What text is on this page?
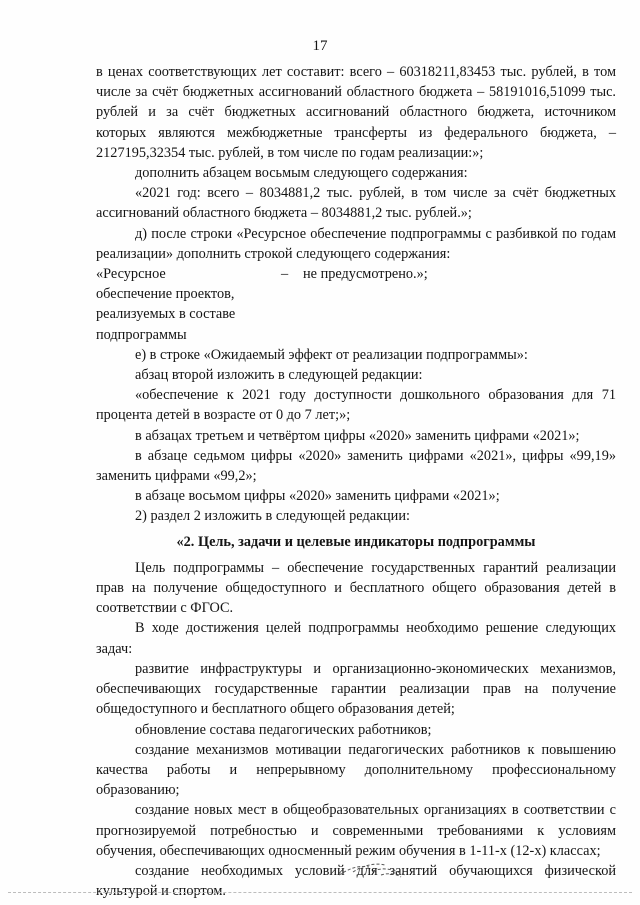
17

в ценах соответствующих лет составит: всего – 60318211,83453 тыс. рублей, в том числе за счёт бюджетных ассигнований областного бюджета – 58191016,51099 тыс. рублей и за счёт бюджетных ассигнований областного бюджета, источником которых являются межбюджетные трансферты из федерального бюджета, – 2127195,32354 тыс. рублей, в том числе по годам реализации:»;

дополнить абзацем восьмым следующего содержания:

«2021 год: всего – 8034881,2 тыс. рублей, в том числе за счёт бюджетных ассигнований областного бюджета – 8034881,2 тыс. рублей.»;

д) после строки «Ресурсное обеспечение подпрограммы с разбивкой по годам реализации» дополнить строкой следующего содержания:

«Ресурсное

обеспечение проектов,

реализуемых в составе

подпрограммы

–	не предусмотрено.»;

е) в строке «Ожидаемый эффект от реализации подпрограммы»:

абзац второй изложить в следующей редакции:

«обеспечение к 2021 году доступности дошкольного образования для 71 процента детей в возрасте от 0 до 7 лет;»;

в абзацах третьем и четвёртом цифры «2020» заменить цифрами «2021»;

в абзаце седьмом цифры «2020» заменить цифрами «2021», цифры «99,19» заменить цифрами «99,2»;

в абзаце восьмом цифры «2020» заменить цифрами «2021»;

2) раздел 2 изложить в следующей редакции:

«2. Цель, задачи и целевые индикаторы подпрограммы

Цель подпрограммы – обеспечение государственных гарантий реализации прав на получение общедоступного и бесплатного общего образования детей в соответствии с ФГОС.

В ходе достижения целей подпрограммы необходимо решение следующих задач:

развитие инфраструктуры и организационно-экономических механизмов, обеспечивающих государственные гарантии реализации прав на получение общедоступного и бесплатного общего образования детей;

обновление состава педагогических работников;

создание механизмов мотивации педагогических работников к повышению качества работы и непрерывному дополнительному профессиональному образованию;

создание новых мест в общеобразовательных организациях в соответствии с прогнозируемой потребностью и современными требованиями к условиям обучения, обеспечивающих односменный режим обучения в 1-11-х (12-х) классах;

создание необходимых условий для занятий обучающихся физической культурой и спортом.
